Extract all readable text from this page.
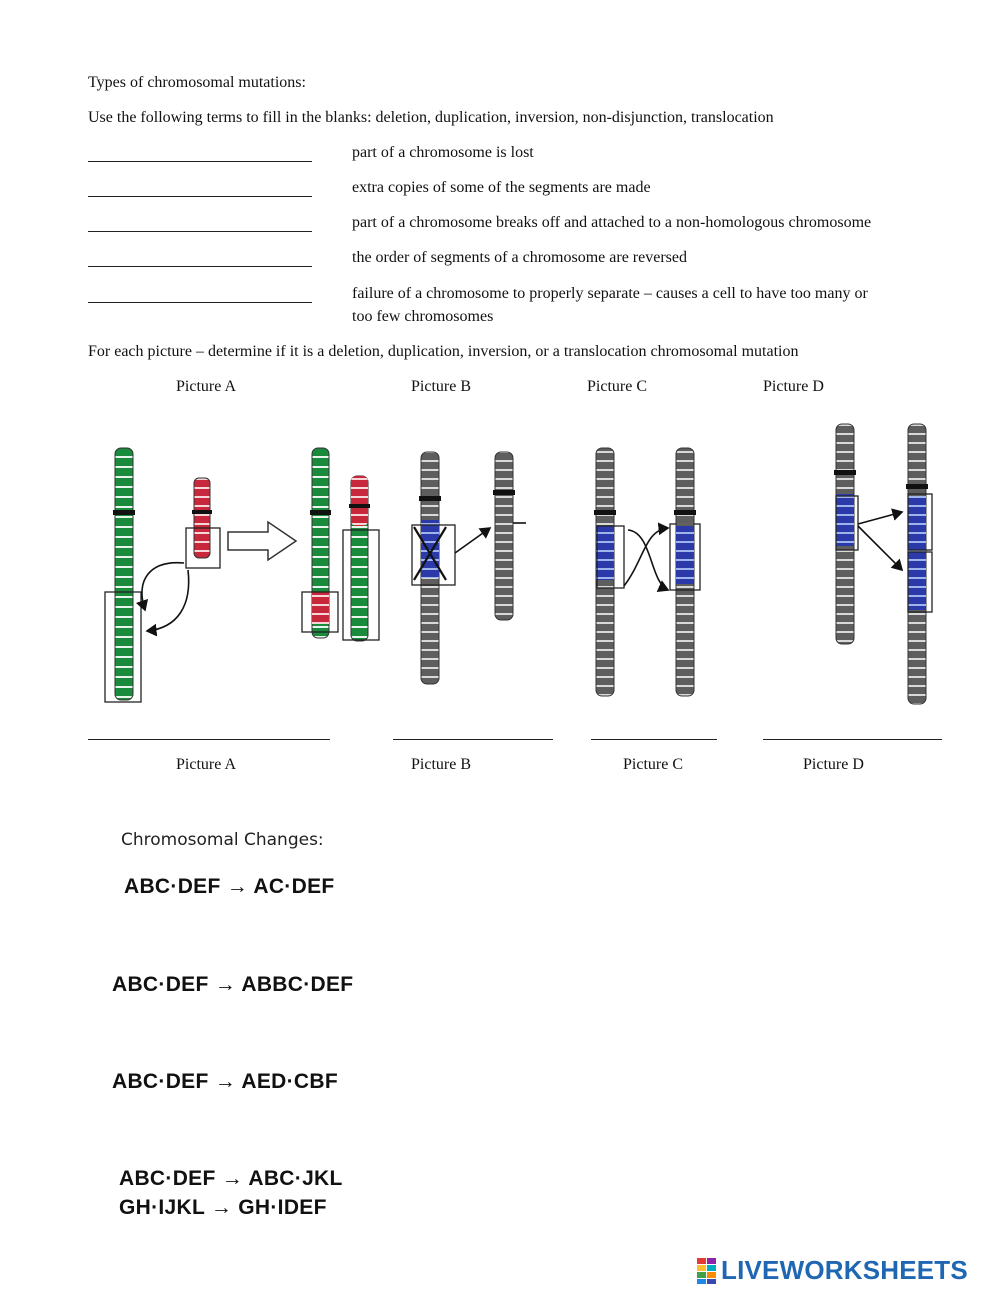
Types of chromosomal mutations:
Use the following terms to fill in the blanks: deletion, duplication, inversion, non-disjunction, translocation
part of a chromosome is lost
extra copies of some of the segments are made
part of a chromosome breaks off and attached to a non-homologous chromosome
the order of segments of a chromosome are reversed
failure of a chromosome to properly separate – causes a cell to have too many or
too few chromosomes
For each picture – determine if it is a deletion, duplication, inversion, or a translocation chromosomal mutation
Picture A	Picture B	Picture C	Picture D
Picture A	Picture B	Picture C	Picture D
Chromosomal Changes:
ABC·DEF → AC·DEF
ABC·DEF → ABBC·DEF
ABC·DEF → AED·CBF
ABC·DEF → ABC·JKL
GH·IJKL → GH·IDEF
LIVEWORKSHEETS
